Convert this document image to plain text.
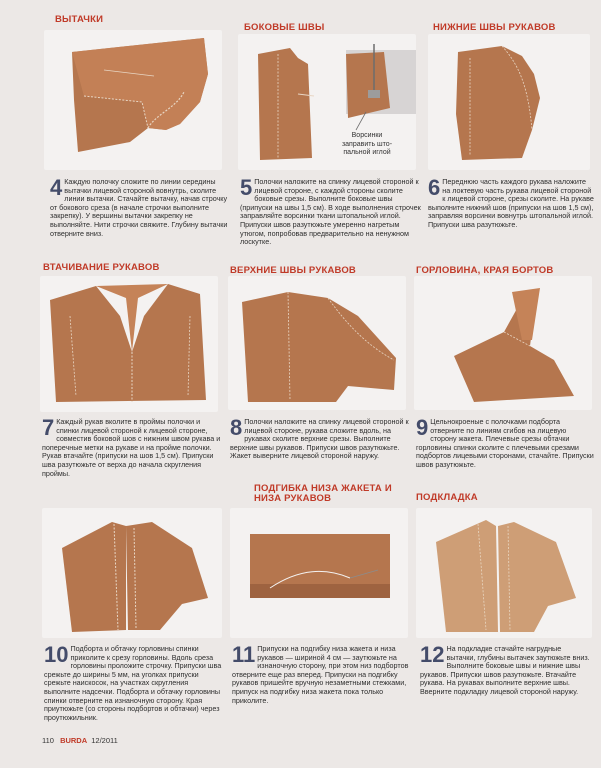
ВЫТАЧКИ
БОКОВЫЕ ШВЫ	НИЖНИЕ ШВЫ РУКАВОВ
Ворсинки заправить што-пальной иглой
4 Каждую полочку сложите по линии середины вытачки лицевой стороной вовнутрь, сколите линии вытачки. Стачайте вытачку, начав строчку от бокового среза (в начале строчки выполните закрепку). У вершины вытачки закрепку не выполняйте. Нити строчки свяжите. Глубину вытачки отверните вниз.
5 Полочки наложите на спинку лицевой стороной к лицевой стороне, с каждой стороны сколите боковые срезы. Выполните боковые швы (припуски на швы 1,5 см). В ходе выполнения строчек заправляйте ворсинки ткани штопальной иглой. Припуски швов разутюжьте умеренно нагретым утюгом, попробовав предварительно на ненужном лоскутке.
6 Переднюю часть каждого рукава наложите на локтевую часть рукава лицевой стороной к лицевой стороне, срезы сколите. На рукаве выполните нижний шов (припуски на шов 1,5 см), заправляя ворсинки вовнутрь штопальной иглой. Припуски шва разутюжьте.
ВТАЧИВАНИЕ РУКАВОВ	ВЕРХНИЕ ШВЫ РУКАВОВ	ГОРЛОВИНА, КРАЯ БОРТОВ
7 Каждый рукав вколите в проймы полочки и спинки лицевой стороной к лицевой стороне, совместив боковой шов с нижним швом рукава и поперечные метки на рукаве и на пройме полочки. Рукав втачайте (припуски на шов 1,5 см). Припуски шва разутюжьте от верха до начала скругления проймы.
8 Полочки наложите на спинку лицевой стороной к лицевой стороне, рукава сложите вдоль, на рукавах сколите верхние срезы. Выполните верхние швы рукавов. Припуски швов разутюжьте. Жакет выверните лицевой стороной наружу.
9 Цельнокроеные с полочками подборта отверните по линиям сгибов на лицевую сторону жакета. Плечевые срезы обтачки горловины спинки сколите с плечевыми срезами подбортов лицевыми сторонами, стачайте. Припуски швов разутюжьте.
ПОДГИБКА НИЗА ЖАКЕТА И НИЗА РУКАВОВ	ПОДКЛАДКА
10 Подборта и обтачку горловины спинки приколите к срезу горловины. Вдоль среза горловины проложите строчку. Припуски шва срежьте до ширины 5 мм, на уголках припуски срежьте наискосок, на участках скругления выполните надсечки. Подборта и обтачку горловины спинки отверните на изнаночную сторону. Края приутюжьте (со стороны подбортов и обтачки) через проутюжильник.
11 Припуски на подгибку низа жакета и низа рукавов — шириной 4 см — заутюжьте на изнаночную сторону, при этом низ подбортов отверните еще раз вперед. Припуски на подгибку рукавов пришейте вручную незаметными стежками, припуск на подгибку низа жакета пока только приколите.
12 На подкладке стачайте нагрудные вытачки, глубины вытачек заутюжьте вниз. Выполните боковые швы и нижние швы рукавов. Припуски швов разутюжьте. Втачайте рукава. На рукавах выполните верхние швы. Вверните подкладку лицевой стороной наружу.
110 BURDA 12/2011
